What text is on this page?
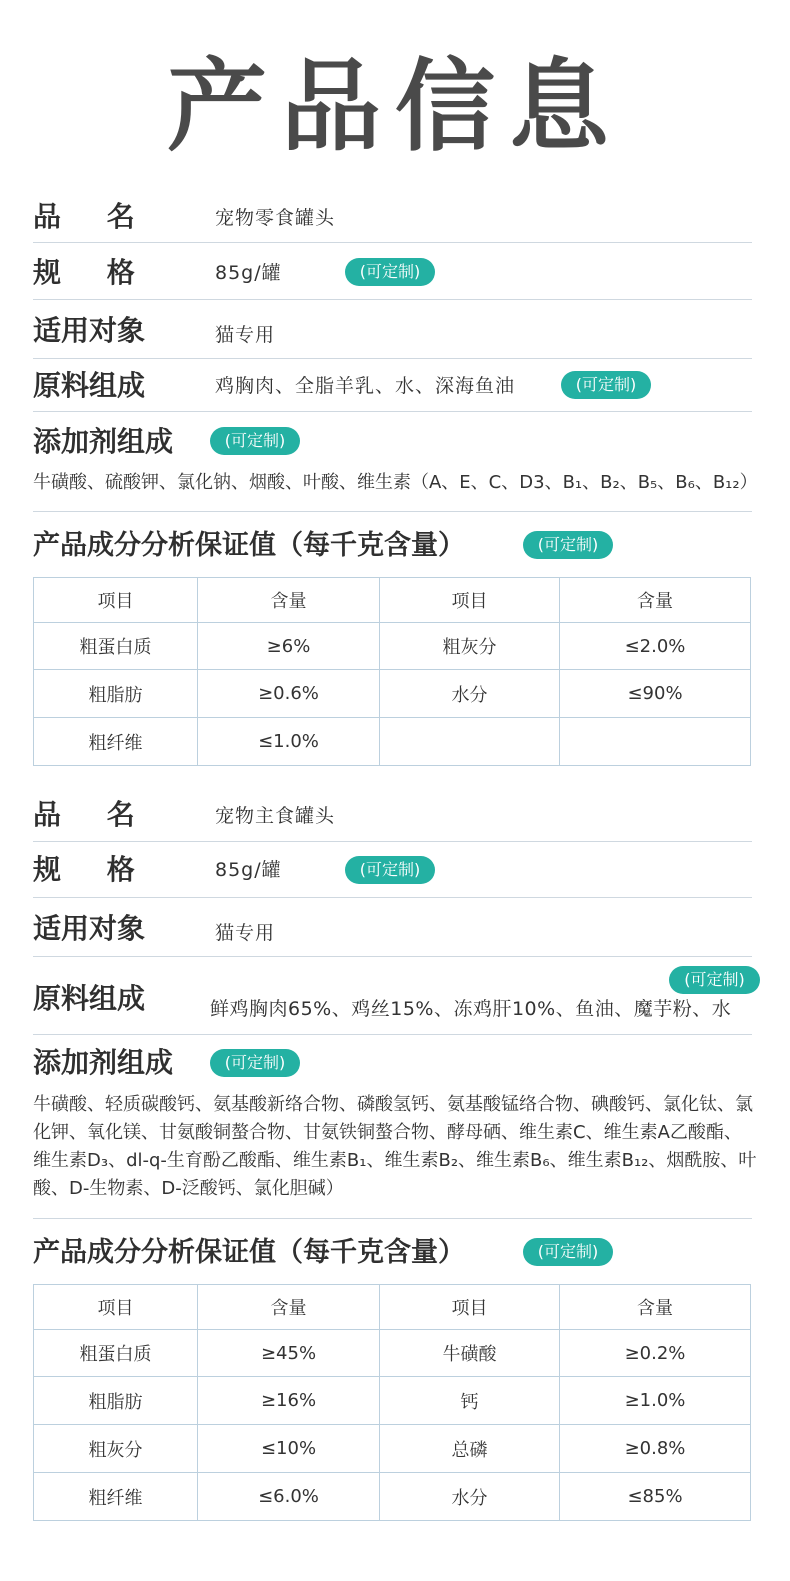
产品信息
品 名	宠物零食罐头
规 格	85g/罐	(可定制)
适用对象	猫专用
原料组成	鸡胸肉、全脂羊乳、水、深海鱼油	(可定制)
添加剂组成	(可定制)
牛磺酸、硫酸钾、氯化钠、烟酸、叶酸、维生素（A、E、C、D3、B₁、B₂、B₅、B₆、B₁₂）
产品成分分析保证值（每千克含量）	(可定制)
项目	含量	项目	含量
粗蛋白质	≥6%	粗灰分	≤2.0%
粗脂肪	≥0.6%	水分	≤90%
粗纤维	≤1.0%		
品 名	宠物主食罐头
规 格	85g/罐	(可定制)
适用对象	猫专用
(可定制)
原料组成	鲜鸡胸肉65%、鸡丝15%、冻鸡肝10%、鱼油、魔芋粉、水
添加剂组成	(可定制)
牛磺酸、轻质碳酸钙、氨基酸新络合物、磷酸氢钙、氨基酸锰络合物、碘酸钙、氯化钛、氯化钾、氧化镁、甘氨酸铜螯合物、甘氨铁铜螯合物、酵母硒、维生素C、维生素A乙酸酯、维生素D₃、dl-q-生育酚乙酸酯、维生素B₁、维生素B₂、维生素B₆、维生素B₁₂、烟酰胺、叶酸、D-生物素、D-泛酸钙、氯化胆碱）
产品成分分析保证值（每千克含量）	(可定制)
项目	含量	项目	含量
粗蛋白质	≥45%	牛磺酸	≥0.2%
粗脂肪	≥16%	钙	≥1.0%
粗灰分	≤10%	总磷	≥0.8%
粗纤维	≤6.0%	水分	≤85%
